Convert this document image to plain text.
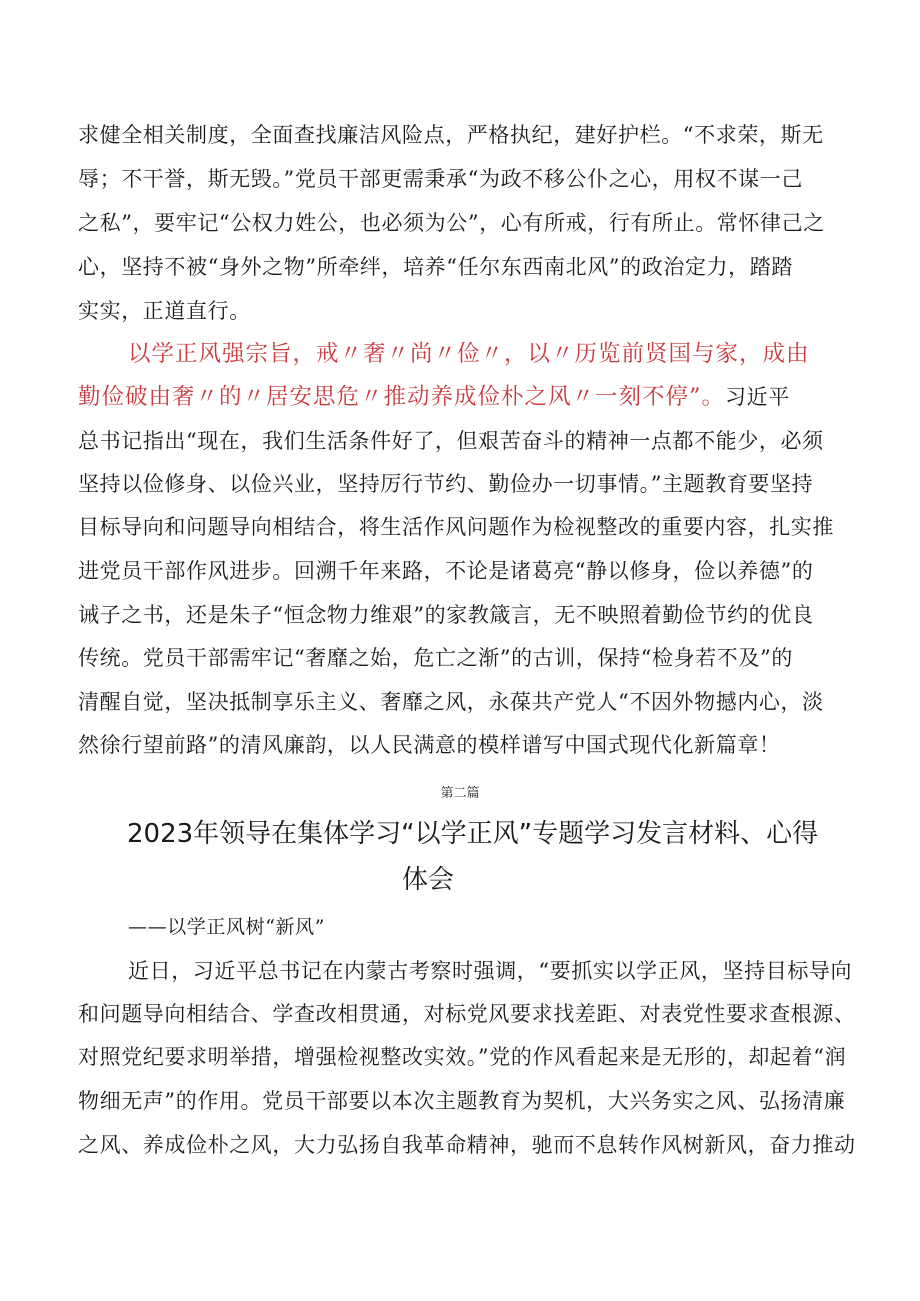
求健全相关制度，全面查找廉洁风险点，严格执纪，建好护栏。“不求荣，斯无
辱；不干誉，斯无毁。”党员干部更需秉承“为政不移公仆之心，用权不谋一己
之私”，要牢记“公权力姓公，也必须为公”，心有所戒，行有所止。常怀律己之
心，坚持不被“身外之物”所牵绊，培养“任尔东西南北风”的政治定力，踏踏
实实，正道直行。
以学正风强宗旨，戒〃奢〃尚〃俭〃，以〃历览前贤国与家，成由
勤俭破由奢〃的〃居安思危〃推动养成俭朴之风〃一刻不停”。习近平
总书记指出“现在，我们生活条件好了，但艰苦奋斗的精神一点都不能少，必须
坚持以俭修身、以俭兴业，坚持厉行节约、勤俭办一切事情。”主题教育要坚持
目标导向和问题导向相结合，将生活作风问题作为检视整改的重要内容，扎实推
进党员干部作风进步。回溯千年来路，不论是诸葛亮“静以修身，俭以养德”的
诫子之书，还是朱子“恒念物力维艰”的家教箴言，无不映照着勤俭节约的优良
传统。党员干部需牢记“奢靡之始，危亡之渐”的古训，保持“检身若不及”的
清醒自觉，坚决抵制享乐主义、奢靡之风，永葆共产党人“不因外物撼内心，淡
然徐行望前路”的清风廉韵，以人民满意的模样谱写中国式现代化新篇章！
第二篇
2023年领导在集体学习“以学正风”专题学习发言材料、心得
体会
——以学正风树“新风”
近日，习近平总书记在内蒙古考察时强调，“要抓实以学正风，坚持目标导向
和问题导向相结合、学查改相贯通，对标党风要求找差距、对表党性要求查根源、
对照党纪要求明举措，增强检视整改实效。”党的作风看起来是无形的，却起着“润
物细无声”的作用。党员干部要以本次主题教育为契机，大兴务实之风、弘扬清廉
之风、养成俭朴之风，大力弘扬自我革命精神，驰而不息转作风树新风，奋力推动
